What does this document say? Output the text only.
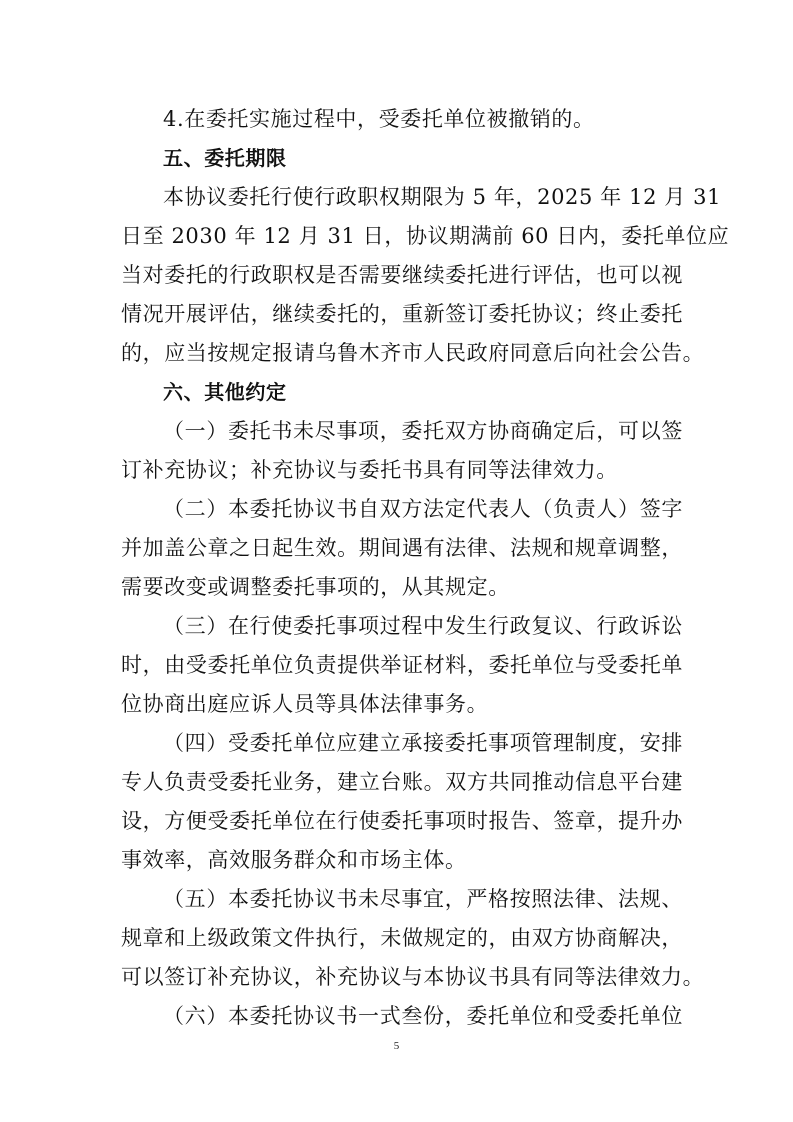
4.在委托实施过程中，受委托单位被撤销的。
五、委托期限
本协议委托行使行政职权期限为 5 年，2025 年 12 月 31
日至 2030 年 12 月 31 日，协议期满前 60 日内，委托单位应
当对委托的行政职权是否需要继续委托进行评估，也可以视
情况开展评估，继续委托的，重新签订委托协议；终止委托
的，应当按规定报请乌鲁木齐市人民政府同意后向社会公告。
六、其他约定
（一）委托书未尽事项，委托双方协商确定后，可以签
订补充协议；补充协议与委托书具有同等法律效力。
（二）本委托协议书自双方法定代表人（负责人）签字
并加盖公章之日起生效。期间遇有法律、法规和规章调整，
需要改变或调整委托事项的，从其规定。
（三）在行使委托事项过程中发生行政复议、行政诉讼
时，由受委托单位负责提供举证材料，委托单位与受委托单
位协商出庭应诉人员等具体法律事务。
（四）受委托单位应建立承接委托事项管理制度，安排
专人负责受委托业务，建立台账。双方共同推动信息平台建
设，方便受委托单位在行使委托事项时报告、签章，提升办
事效率，高效服务群众和市场主体。
（五）本委托协议书未尽事宜，严格按照法律、法规、
规章和上级政策文件执行，未做规定的，由双方协商解决，
可以签订补充协议，补充协议与本协议书具有同等法律效力。
（六）本委托协议书一式叁份，委托单位和受委托单位
5
